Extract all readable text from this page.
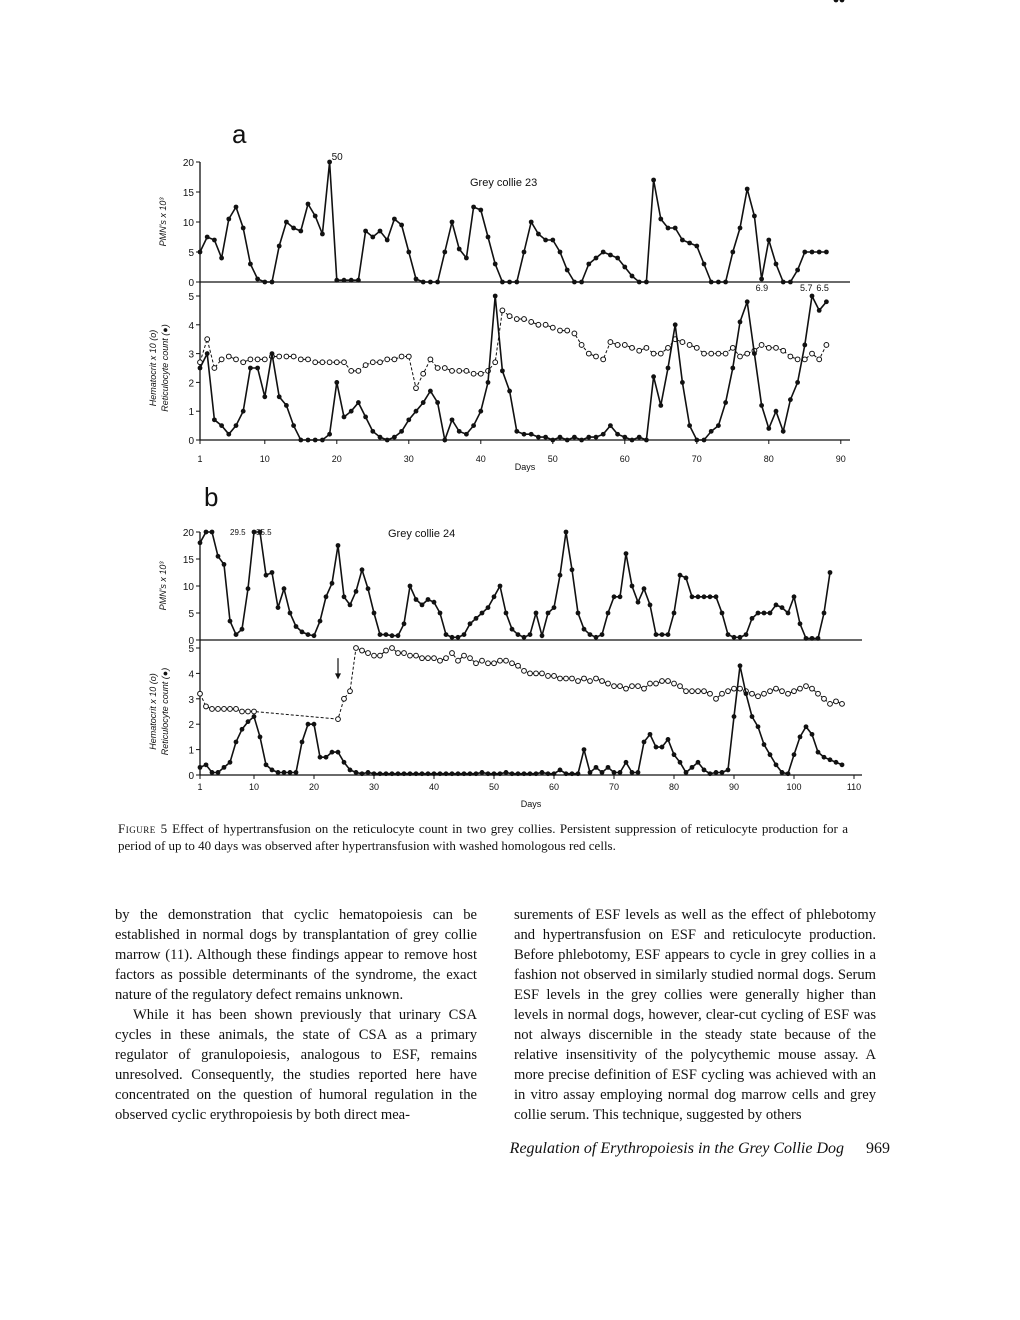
a
Grey collie 23
0
5
10
15
20
0
1
2
3
4
5
1	10	20	30	40	50	60	70	80	90
Days
PMN's x 10³
Hematocrit x 10 (o) Reticulocyte count (●)
50
6.9	5.7 6.5
b
Grey collie 24
0
5
10
15
20
0
1
2
3
4
5
1	10	20	30	40	50	60	70	80	90	100	110
Days
PMN's x 10³
Hematocrit x 10 (o) Reticulocyte count (●)
29.5 35.5
Figure 5 Effect of hypertransfusion on the reticulocyte count in two grey collies. Persistent suppression of reticulocyte production for a period of up to 40 days was observed after hypertransfusion with washed homologous red cells.

by the demonstration that cyclic hematopoiesis can be established in normal dogs by transplantation of grey collie marrow (11). Although these findings appear to remove host factors as possible determinants of the syndrome, the exact nature of the regulatory defect remains unknown.

While it has been shown previously that urinary CSA cycles in these animals, the state of CSA as a primary regulator of granulopoiesis, analogous to ESF, remains unresolved. Consequently, the studies reported here have concentrated on the question of humoral regulation in the observed cyclic erythropoiesis by both direct mea-

surements of ESF levels as well as the effect of phlebotomy and hypertransfusion on ESF and reticulocyte production. Before phlebotomy, ESF appears to cycle in grey collies in a fashion not observed in similarly studied normal dogs. Serum ESF levels in the grey collies were generally higher than levels in normal dogs, however, clear-cut cycling of ESF was not always discernible in the steady state because of the relative insensitivity of the polycythemic mouse assay. A more precise definition of ESF cycling was achieved with an in vitro assay employing normal dog marrow cells and grey collie serum. This technique, suggested by others

Regulation of Erythropoiesis in the Grey Collie Dog 969
